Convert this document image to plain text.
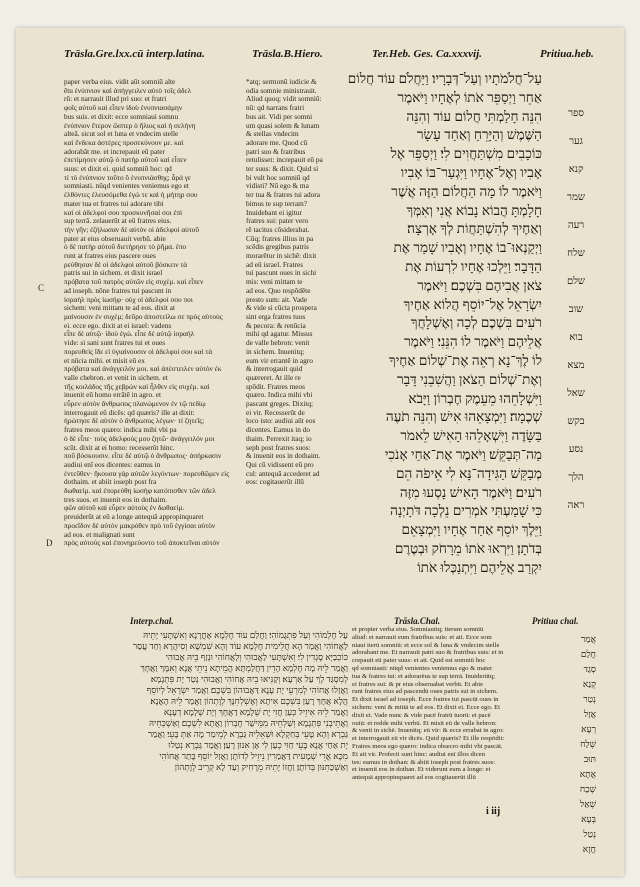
Trāsla.Gre.lxx.cū interp.latina.	Trāsla.B.Hiero.	Ter.Heb. Ges. Ca.xxxvij.	Pritiua.heb.
C
D
paper verba eius. vidit aūt somniū alte
ētu ἐνύπνιον καὶ ἀπήγγειλεν αὐτὸ τοῖς ἀδελ
rū: et narrauit illud pri suo: et fratri
φοῖς αὐτοῦ καὶ εἶπεν ἰδοὺ ἐνυπνιασάμην
bus suis. et dixit: ecce somniaui somnu
ἐνύπνιον ἕτερον ὥσπερ ὁ ἥλιος καὶ ἡ σελήνη
alteā. sicut sol et luna et vndecim stelle
καὶ ἕνδεκα ἀστέρες προσεκύνουν με. καὶ
adorabāt me. et increpauit eū pater
ἐπετίμησεν αὐτῷ ὁ πατὴρ αὐτοῦ καὶ εἶπεν
suus: et dixit ei. quid somniū hoc: qd
τί τὸ ἐνύπνιον τοῦτο ὃ ἐνυπνιάσθης; ἆρά γε
somniasti. nūqd venientes veniemus ego et
ἐλθόντες ἐλευσόμεθα ἐγώ τε καὶ ἡ μήτηρ σου
mater tua et fratres tui adorare tibi
καὶ οἱ ἀδελφοί σου προσκυνῆσαί σοι ἐπὶ
sup terrā. zelauerūt at eū fratres eius.
τὴν γῆν; ἐζήλωσαν δὲ αὐτὸν οἱ ἀδελφοὶ αὐτοῦ
pater at eius obseruauit verbū. abie
ὁ δὲ πατὴρ αὐτοῦ διετήρησε τὸ ῥῆμα. ἐπο
runt at fratres eius pascere oues
ρεύθησαν δὲ οἱ ἀδελφοὶ αὐτοῦ βόσκειν τὰ
patris sui in sichem. et dixit israel
πρόβατα τοῦ πατρὸς αὐτῶν εἰς συχὲμ. καὶ εἶπεν
ad ioseph. nōne fratres tui pascunt in
ἰσραὴλ πρὸς ἰωσήφ· οὐχ οἱ ἀδελφοί σου ποι
sichem: veni mittam te ad eos. dixit at
μαίνουσιν ἐν συχέμ; δεῦρο ἀποστείλω σε πρὸς αὐτούς
ei. ecce ego. dixit at ei israel: vadens
εἶπε δὲ αὐτῷ· ἰδοὺ ἐγώ. εἶπε δὲ αὐτῷ ἰσραήλ
vide: si sani sunt fratres tui et oues
πορευθεὶς ἴδε εἰ ὑγιαίνουσιν οἱ ἀδελφοί σου καὶ τὰ
et nūcia mihi. et misit eū ex
πρόβατα καὶ ἀνάγγειλόν μοι. καὶ ἀπέστειλεν αὐτὸν ἐκ
valle chebron. et venit in sichem. et
τῆς κοιλάδος τῆς χεβρὼν καὶ ἦλθεν εἰς συχέμ. καὶ
inuenit eū homo errātē in agro. et
εὗρεν αὐτὸν ἄνθρωπος πλανώμενον ἐν τῷ πεδίῳ
interrogauit eū dicēs: qd quæris? ille at dixit:
ἠρώτησε δὲ αὐτὸν ὁ ἄνθρωπος λέγων· τί ζητεῖς;
fratres meos quæro: indica mihi vbi pa
ὁ δὲ εἶπε· τοὺς ἀδελφούς μου ζητῶ· ἀνάγγειλόν μοι
scūt. dixit at ei homo: recesserūt hinc.
ποῦ βόσκουσιν. εἶπε δὲ αὐτῷ ὁ ἄνθρωπος· ἀπήρκασιν
audiui enī eos dicentes: eamus in
ἐντεῦθεν· ἤκουσα γὰρ αὐτῶν λεγόντων· πορευθῶμεν εἰς
dothaim. et abiit ioseph post fra
δωθαείμ. καὶ ἐπορεύθη ἰωσὴφ κατόπισθεν τῶν ἀδελ
tres suos. et inuenit eos in dothaim.
φῶν αὐτοῦ καὶ εὗρεν αὐτοὺς ἐν δωθαείμ.
preuiderūt at eū a longe antequā appropinquaret
προεῖδον δὲ αὐτὸν μακρόθεν πρὸ τοῦ ἐγγίσαι αὐτὸν
ad eos. et malignati sunt
πρὸς αὐτούς καὶ ἐπονηρεύοντο τοῦ ἀποκτεῖναι αὐτόν
*atq; sermonū iudicie &
odia somnie ministrauit.
Aliud quoq; vidit somniū:
nū: qd narrans fratri
bus ait. Vidi per somni
um quasi solem & lunam
& stellas vndecim
adorare me. Quod cū
patri suo & fratribus
retulisset: increpauit eū pa
ter suus: & dixit. Quid si
bi vult hoc somniū qd
vidisti? Nū ego & ma
ter tua & fratres tui adora
bimus te sup terram?
Inuidebant ei igitur
fratres sui: pater vero
rē tacitus cōsiderabat.
Cūq; fratres illius in pa
scēdis gregibus patris
morarētur in sichē: dixit
ad eū israel. Fratres
tui pascunt oues in sichi
mis: veni mittam te
ad eos. Quo respōdēte
presto sum: ait. Vade
& vide si cūcta prospera
sint erga fratres tuos
& pecora: & renūcia
mihi qd agatur. Missus
de valle hebron: venit
in sichem. Inuenitq;
eum vir errantē in agro
& interrogauit quid
quæreret. At ille re
spōdit. Fratres meos
quæro. Indica mihi vbi
pascant greges. Dixitq;
ei vir. Recesserūt de
loco isto: audiui aūt eos
dicentes. Eamus in do
thaim. Perrexit itaq; io
seph post fratres suos:
& inuenit eos in dothaim.
Qui cū vidissent eū pro
cul: antequā accederet ad
eos: cogitauerūt illū
עַל־חֲלֹמֹתָיו וְעַל־דְּבָרָיו׃ וַיַּחֲלֹם עוֹד חֲלוֹם
אַחֵר וַיְסַפֵּר אֹתוֹ לְאֶחָיו וַיֹּאמֶר
הִנֵּה חָלַמְתִּי חֲלוֹם עוֹד וְהִנֵּה
הַשֶּׁמֶשׁ וְהַיָּרֵחַ וְאַחַד עָשָׂר
כּוֹכָבִים מִשְׁתַּחֲוִים לִי׃ וַיְסַפֵּר אֶל
אָבִיו וְאֶל־אֶחָיו וַיִּגְעַר־בּוֹ אָבִיו
וַיֹּאמֶר לוֹ מָה הַחֲלוֹם הַזֶּה אֲשֶׁר
חָלָמְתָּ הֲבוֹא נָבוֹא אֲנִי וְאִמְּךָ
וְאַחֶיךָ לְהִשְׁתַּחֲוֹת לְךָ אָרְצָה׃
וַיְקַנְאוּ־בוֹ אֶחָיו וְאָבִיו שָׁמַר אֶת
הַדָּבָר׃ וַיֵּלְכוּ אֶחָיו לִרְעוֹת אֶת
צֹאן אֲבִיהֶם בִּשְׁכֶם׃ וַיֹּאמֶר
יִשְׂרָאֵל אֶל־יוֹסֵף הֲלוֹא אַחֶיךָ
רֹעִים בִּשְׁכֶם לְכָה וְאֶשְׁלָחֲךָ
אֲלֵיהֶם וַיֹּאמֶר לוֹ הִנֵּנִי׃ וַיֹּאמֶר
לוֹ לֶךְ־נָא רְאֵה אֶת־שְׁלוֹם אַחֶיךָ
וְאֶת־שְׁלוֹם הַצֹּאן וַהֲשִׁבֵנִי דָּבָר
וַיִּשְׁלָחֵהוּ מֵעֵמֶק חֶבְרוֹן וַיָּבֹא
שְׁכֶמָה׃ וַיִּמְצָאֵהוּ אִישׁ וְהִנֵּה תֹעֶה
בַּשָּׂדֶה וַיִּשְׁאָלֵהוּ הָאִישׁ לֵאמֹר
מַה־תְּבַקֵּשׁ׃ וַיֹּאמֶר אֶת־אַחַי אָנֹכִי
מְבַקֵּשׁ הַגִּידָה־נָּא לִי אֵיפֹה הֵם
רֹעִים׃ וַיֹּאמֶר הָאִישׁ נָסְעוּ מִזֶּה
כִּי שָׁמַעְתִּי אֹמְרִים נֵלְכָה דֹּתָיְנָה
וַיֵּלֶךְ יוֹסֵף אַחַר אֶחָיו וַיִּמְצָאֵם
בְּדֹתָן׃ וַיִּרְאוּ אֹתוֹ מֵרָחֹק וּבְטֶרֶם
יִקְרַב אֲלֵיהֶם וַיִּתְנַכְּלוּ אֹתוֹ
ספר
גער
קנא
שמר
רעה
שלח
שלם
שוב
בוא
מצא
שאל
בקש
נסע
הלך
ראה
Interp.chal.	Trāsla.Chal.	Pritiua chal.
עַל חֶלְמוֹהִי וְעַל פִּתְגָמוֹהִי׃ וַחֲלַם עוֹד חֶלְמָא אָחֳרָנָא וְאִשְׁתָּעִי יָתֵיהּ
לַאֲחוֹהִי וַאֲמַר הָא חֲלֵימִית חֶלְמָא עוֹד וְהָא שִׁמְשָׁא וְסִיהֲרָא וְחַד עֲסַר
כּוֹכְבַיָּא סָגְדִין לִי׃ וְאִשְׁתָּעִי לַאֲבוּהִי וְלַאֲחוֹהִי וּנְזַף בֵּיהּ אֲבוּהִי
וַאֲמַר לֵיהּ מָה חֶלְמָא הָדֵין דַּחֲלַמְתָּא הֲמֵיתָא נֵיתֵי אֲנָא וְאִמָּךְ וַאֲחָךְ
לְמִסְגַּד לָךְ עַל אַרְעָא׃ וְקַנִּיאוּ בֵיהּ אֲחוֹהִי וַאֲבוּהִי נְטַר יָת פִּתְגָמָא׃
וַאֲזַלוּ אֲחוֹהִי לְמִרְעֵי יָת עָנָא דַּאֲבוּהוֹן בִּשְׁכֶם׃ וַאֲמַר יִשְׂרָאֵל לְיוֹסֵף
הֲלָא אֲחָךְ רָעַן בִּשְׁכֶם אִיתָא וְאֶשְׁלְחִנָּךְ לְוָתְהוֹן וַאֲמַר לֵיהּ הָאֲנָא׃
וַאֲמַר לֵיהּ אִיזֵיל כְּעַן חֲזִי יָת שְׁלָמָא דַאֲחָךְ וְיָת שְׁלָמָא דְעָנָא
וַאֲתֵיבְנִי פִּתְגָמָא וְשַׁלְחֵיהּ מִמֵּישַׁר חֶבְרוֹן וַאֲתָא לִשְׁכֶם׃ וְאַשְׁכְּחֵיהּ
גַּבְרָא וְהָא טָעֵי בְּחַקְלָא וּשְׁאֵלֵיהּ גַּבְרָא לְמֵימַר מָה אַתְּ בָּעֵי׃ וַאֲמַר
יָת אַחַי אֲנָא בָּעֵי חַוִּי כְעַן לִי אָן אִנּוּן רָעַן׃ וַאֲמַר גַּבְרָא נְטַלוּ
מִכָּא אֲרֵי שְׁמָעִית דַּאֲמַרִין נֵיזֵיל לְדוֹתָן וַאֲזַל יוֹסֵף בָּתַר אֲחוֹהִי
וְאַשְׁכַּחִנּוּן בְּדוֹתָן׃ וַחֲזוֹ יָתֵיהּ מֵרָחִיק וְעַד לָא קְרֵיב לְוָתְהוֹן
et propter verba eius. Somniauitq; iterum somniū
aliud: et narrauit eum fratribus suis: et ait. Ecce som
niaui iterū somniū: et ecce sol & luna & vndecim stelle
adorabant me. Et narrauit patri suo & fratribus suis: et in
crepauit eū pater suus: et ait. Quid est somniū hoc
qd somniasti: nūqd venientes veniemus ego & mater
tua & fratres tui: et adorarēus te sup terrā. Inuiderūtq;
ei fratres sui: & pr eius obseruabat verbū. Et abie
runt fratres eius ad pascendū oues patris sui in sichem.
Et dixit israel ad ioseph. Ecce fratres tui pascūt oues in
sichem: veni & mittā te ad eos. Et dixit ei. Ecce ego. Et
dixit ei. Vade nunc & vide pacē fratrū tuorū: et pacē
ouiū: et redde mihi verbū. Et misit eū de valle hebron:
& venit in sichē. Inuenitq; eū vir: & ecce errabat in agro:
et interrogauit eū vir dicēs. Quid quæris? Et ille respōdit:
Fratres meos ego quæro: indica obsecro mihi vbi pascāt.
Et ait vir. Profecti sunt hinc: audiui enī illos dicen
tes: eamus in dothan: & abiit ioseph post fratres suos:
et inuenit eos in dothan. Et viderunt eum a longe: et
antequā appropinquaret ad eos cogitauerūt illū
אֲמַר
חֲלַם
סְגַד
קְנַא
נְטַר
אֲזַל
רְעָא
שְׁלַח
תּוּב
אֲתָא
שְׁכַח
שְׁאַל
בְּעָא
נְטַל
חֲזָא
i iij
